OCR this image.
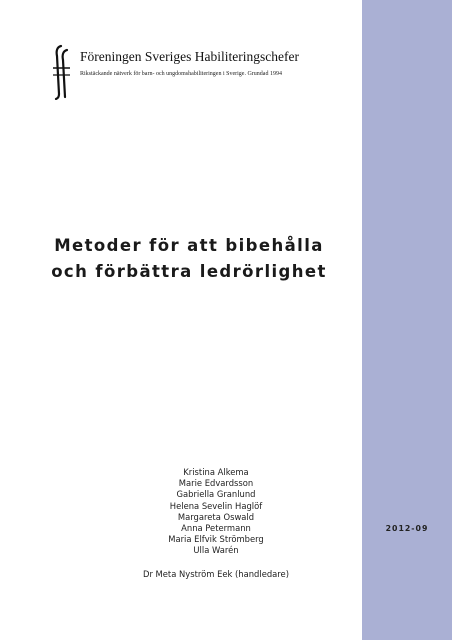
Föreningen Sveriges Habiliteringschefer
Rikstäckande nätverk för barn- och ungdomshabiliteringen i Sverige. Grundad 1994
Metoder för att bibehålla
och förbättra ledrörlighet
Kristina Alkema
Marie Edvardsson
Gabriella Granlund
Helena Sevelin Haglöf
Margareta Oswald
Anna Petermann
Maria Elfvik Strömberg
Ulla Warén
Dr Meta Nyström Eek (handledare)
2012-09
